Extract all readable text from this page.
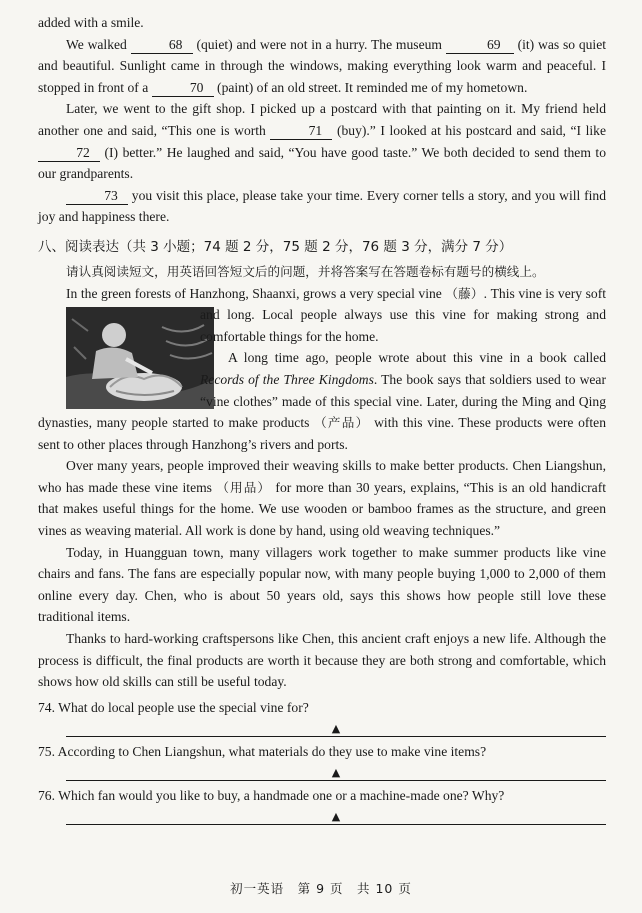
added with a smile.

We walked	68 (quiet) and were not in a hurry. The museum	69 (it) was so quiet and beautiful. Sunlight came in through the windows, making everything look warm and peaceful. I stopped in front of a	70 (paint) of an old street. It reminded me of my hometown.

Later, we went to the gift shop. I picked up a postcard with that painting on it. My friend held another one and said, “This one is worth	71 (buy).” I looked at his postcard and said, “I like 72 (I) better.” He laughed and said, “You have good taste.” We both decided to send them to our grandparents.

73 you visit this place, please take your time. Every corner tells a story, and you will find joy and happiness there.

八、阅读表达（共 3 小题；74 题 2 分，75 题 2 分，76 题 3 分，满分 7 分）

请认真阅读短文，用英语回答短文后的问题，并将答案写在答题卷标有题号的横线上。

In the green forests of Hanzhong, Shaanxi, grows a very special vine （藤）
. This vine is very soft and long. Local people always use this vine for making strong and comfortable things for the home.

A long time ago, people wrote about this vine in a book called Records of the Three Kingdoms. The book says that soldiers used to wear “vine clothes” made of this special vine. Later, during the Ming and Qing dynasties, many people started to make products （产品） with this vine. These products were often sent to other places through Hanzhong’s rivers and ports.

Over many years, people improved their weaving skills to make better products. Chen Liangshun, who has made these vine items （用品） for more than 30 years, explains, “This is an old handicraft that makes useful things for the home. We use wooden or bamboo frames as the structure, and green vines as weaving material. All work is done by hand, using old weaving techniques.”

Today, in Huangguan town, many villagers work together to make summer products like vine chairs and fans. The fans are especially popular now, with many people buying 1,000 to 2,000 of them online every day. Chen, who is about 50 years old, says this shows how people still love these traditional items.

Thanks to hard-working craftspersons like Chen, this ancient craft enjoys a new life. Although the process is difficult, the final products are worth it because they are both strong and comfortable, which shows how old skills can still be useful today.

74. What do local people use the special vine for?

▲

75. According to Chen Liangshun, what materials do they use to make vine items?

▲

76. Which fan would you like to buy, a handmade one or a machine-made one? Why?

▲
初一英语　第 9 页　共 10 页
